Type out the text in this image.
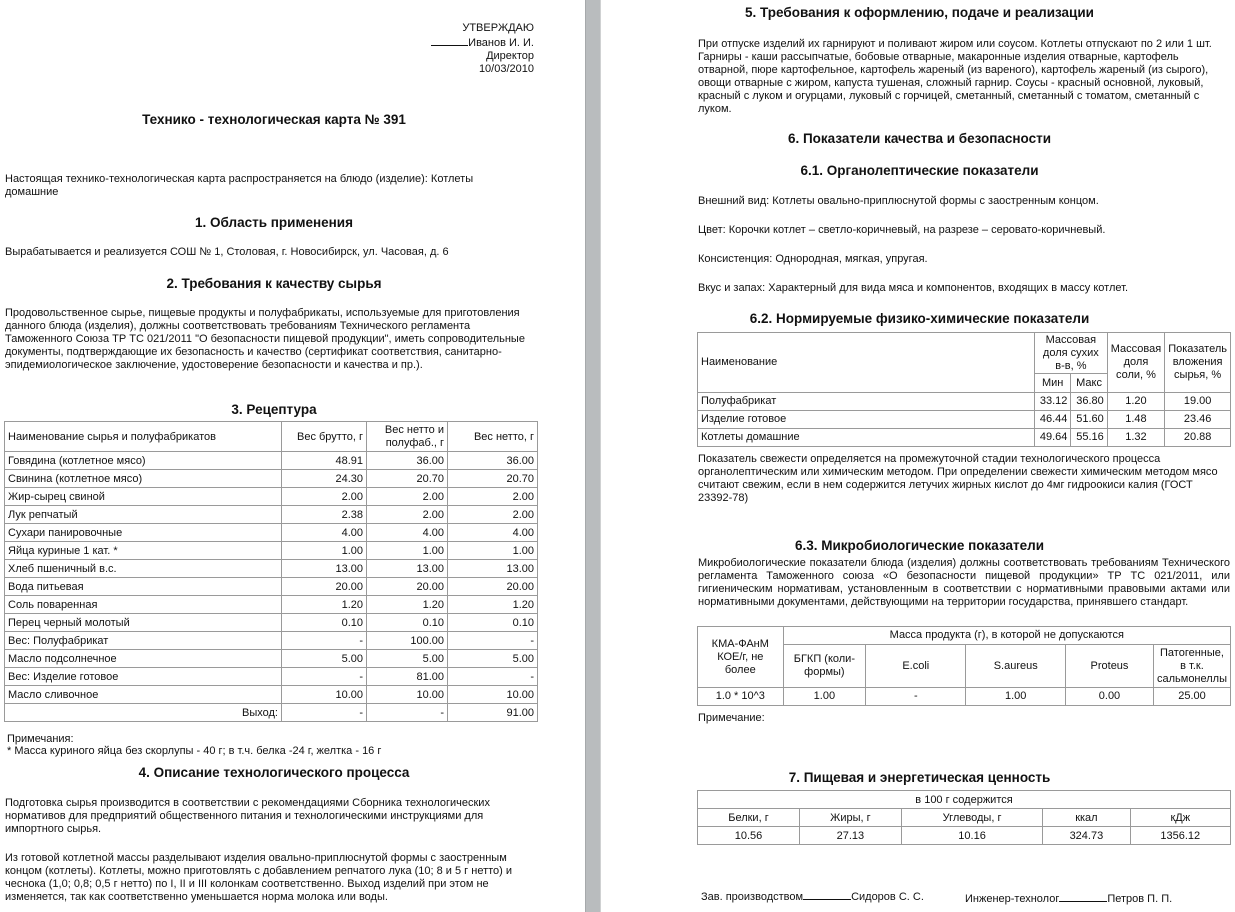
УТВЕРЖДАЮ
Иванов И. И.
Директор
10/03/2010
Технико - технологическая карта № 391
Настоящая технико-технологическая карта распространяется на блюдо (изделие): Котлеты домашние
1. Область применения
Вырабатывается и реализуется СОШ № 1, Столовая, г. Новосибирск, ул. Часовая, д. 6
2. Требования к качеству сырья
Продовольственное сырье, пищевые продукты и полуфабрикаты, используемые для приготовления данного блюда (изделия), должны соответствовать требованиям Технического регламента Таможенного Союза ТР ТС 021/2011 "О безопасности пищевой продукции", иметь сопроводительные документы, подтверждающие их безопасность и качество (сертификат соответствия, санитарно-эпидемиологическое заключение, удостоверение безопасности и качества и пр.).
3. Рецептура
Наименование сырья и полуфабрикатов	Вес брутто, г	Вес нетто и полуфаб., г	Вес нетто, г
Говядина (котлетное мясо)	48.91	36.00	36.00
Свинина (котлетное мясо)	24.30	20.70	20.70
Жир-сырец свиной	2.00	2.00	2.00
Лук репчатый	2.38	2.00	2.00
Сухари панировочные	4.00	4.00	4.00
Яйца куриные 1 кат. *	1.00	1.00	1.00
Хлеб пшеничный в.с.	13.00	13.00	13.00
Вода питьевая	20.00	20.00	20.00
Соль поваренная	1.20	1.20	1.20
Перец черный молотый	0.10	0.10	0.10
Вес: Полуфабрикат	-	100.00	-
Масло подсолнечное	5.00	5.00	5.00
Вес: Изделие готовое	-	81.00	-
Масло сливочное	10.00	10.00	10.00
Выход:	-	-	91.00
Примечания:
* Масса куриного яйца без скорлупы - 40 г; в т.ч. белка -24 г, желтка - 16 г
4. Описание технологического процесса
Подготовка сырья производится в соответствии с рекомендациями Сборника технологических нормативов для предприятий общественного питания и технологическими инструкциями для импортного сырья.
Из готовой котлетной массы разделывают изделия овально-приплюснутой формы с заостренным концом (котлеты). Котлеты, можно приготовлять с добавлением репчатого лука (10; 8 и 5 г нетто) и чеснока (1,0; 0,8; 0,5 г нетто) по I, II и III колонкам соответственно. Выход изделий при этом не изменяется, так как соответственно уменьшается норма молока или воды.
5. Требования к оформлению, подаче и реализации
При отпуске изделий их гарнируют и поливают жиром или соусом. Котлеты отпускают по 2 или 1 шт. Гарниры - каши рассыпчатые, бобовые отварные, макаронные изделия отварные, картофель отварной, пюре картофельное, картофель жареный (из вареного), картофель жареный (из сырого), овощи отварные с жиром, капуста тушеная, сложный гарнир. Соусы - красный основной, луковый, красный с луком и огурцами, луковый с горчицей, сметанный, сметанный с томатом, сметанный с луком.
6. Показатели качества и безопасности
6.1. Органолептические показатели
Внешний вид: Котлеты овально-приплюснутой формы с заостренным концом.
Цвет: Корочки котлет – светло-коричневый, на разрезе – серовато-коричневый.
Консистенция: Однородная, мягкая, упругая.
Вкус и запах: Характерный для вида мяса и компонентов, входящих в массу котлет.
6.2. Нормируемые физико-химические показатели
Наименование	Массовая доля сухих в-в, %		Массовая доля соли, %	Показатель вложения сырья, %
	Мин	Макс		
Полуфабрикат	33.12	36.80	1.20	19.00
Изделие готовое	46.44	51.60	1.48	23.46
Котлеты домашние	49.64	55.16	1.32	20.88
Показатель свежести определяется на промежуточной стадии технологического процесса органолептическим или химическим методом. При определении свежести химическим методом мясо считают свежим, если в нем содержится летучих жирных кислот до 4мг гидроокиси калия (ГОСТ 23392-78)
6.3. Микробиологические показатели
Микробиологические показатели блюда (изделия) должны соответствовать требованиям Технического регламента Таможенного союза «О безопасности пищевой продукции» ТР ТС 021/2011, или гигиеническим нормативам, установленным в соответствии с нормативными правовыми актами или нормативными документами, действующими на территории государства, принявшего стандарт.
КМА-ФАнМ КОЕ/г, не более	Масса продукта (г), в которой не допускаются				
	БГКП (коли-формы)	E.coli	S.aureus	Proteus	Патогенные, в т.к. сальмонеллы
1.0 * 10^3	1.00	-	1.00	0.00	25.00
Примечание:
7. Пищевая и энергетическая ценность
в 100 г содержится				
Белки, г	Жиры, г	Углеводы, г	ккал	кДж
10.56	27.13	10.16	324.73	1356.12
Зав. производством	Сидоров С. С.	Инженер-технолог	Петров П. П.
